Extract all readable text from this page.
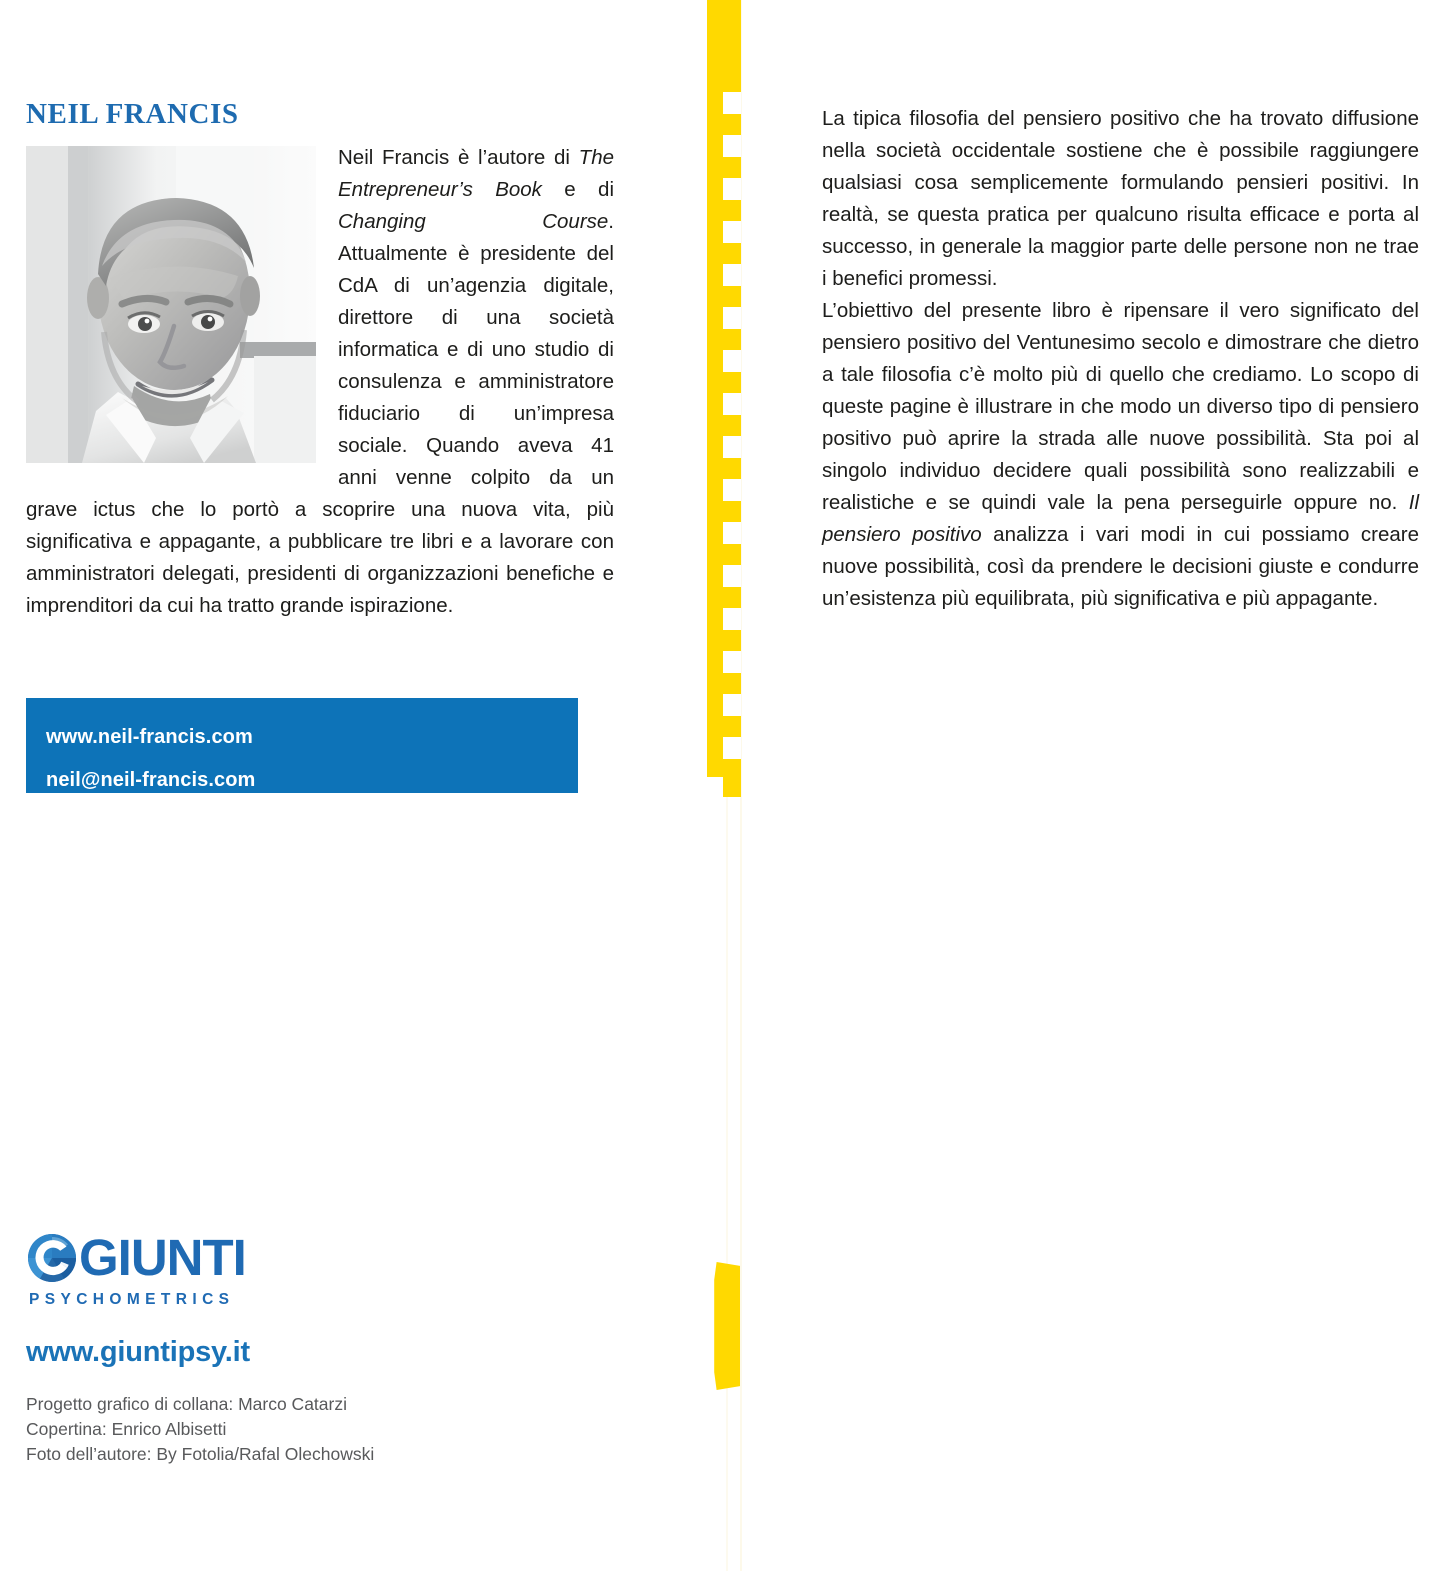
NEIL FRANCIS

Neil Francis è l’autore di The Entrepreneur’s Book e di Changing Course. Attualmente è presidente del CdA di un’agenzia digitale, direttore di una società informatica e di uno studio di consulenza e amministratore fiduciario di un’impresa sociale. Quando aveva 41 anni venne colpito da un grave ictus che lo portò a scoprire una nuova vita, più significativa e appagante, a pubblicare tre libri e a lavorare con amministratori delegati, presidenti di organizzazioni benefiche e imprenditori da cui ha tratto grande ispirazione.

www.neil-francis.com
neil@neil-francis.com

La tipica filosofia del pensiero positivo che ha trovato diffusione nella società occidentale sostiene che è possibile raggiungere qualsiasi cosa semplicemente formulando pensieri positivi. In realtà, se questa pratica per qualcuno risulta efficace e porta al successo, in generale la maggior parte delle persone non ne trae i benefici promessi.

L’obiettivo del presente libro è ripensare il vero significato del pensiero positivo del Ventunesimo secolo e dimostrare che dietro a tale filosofia c’è molto più di quello che crediamo. Lo scopo di queste pagine è illustrare in che modo un diverso tipo di pensiero positivo può aprire la strada alle nuove possibilità. Sta poi al singolo individuo decidere quali possibilità sono realizzabili e realistiche e se quindi vale la pena perseguirle oppure no. Il pensiero positivo analizza i vari modi in cui possiamo creare nuove possibilità, così da prendere le decisioni giuste e condurre un’esistenza più equilibrata, più significativa e più appagante.

GIUNTI
PSYCHOMETRICS
www.giuntipsy.it
Progetto grafico di collana: Marco Catarzi
Copertina: Enrico Albisetti
Foto dell’autore: By Fotolia/Rafal Olechowski
